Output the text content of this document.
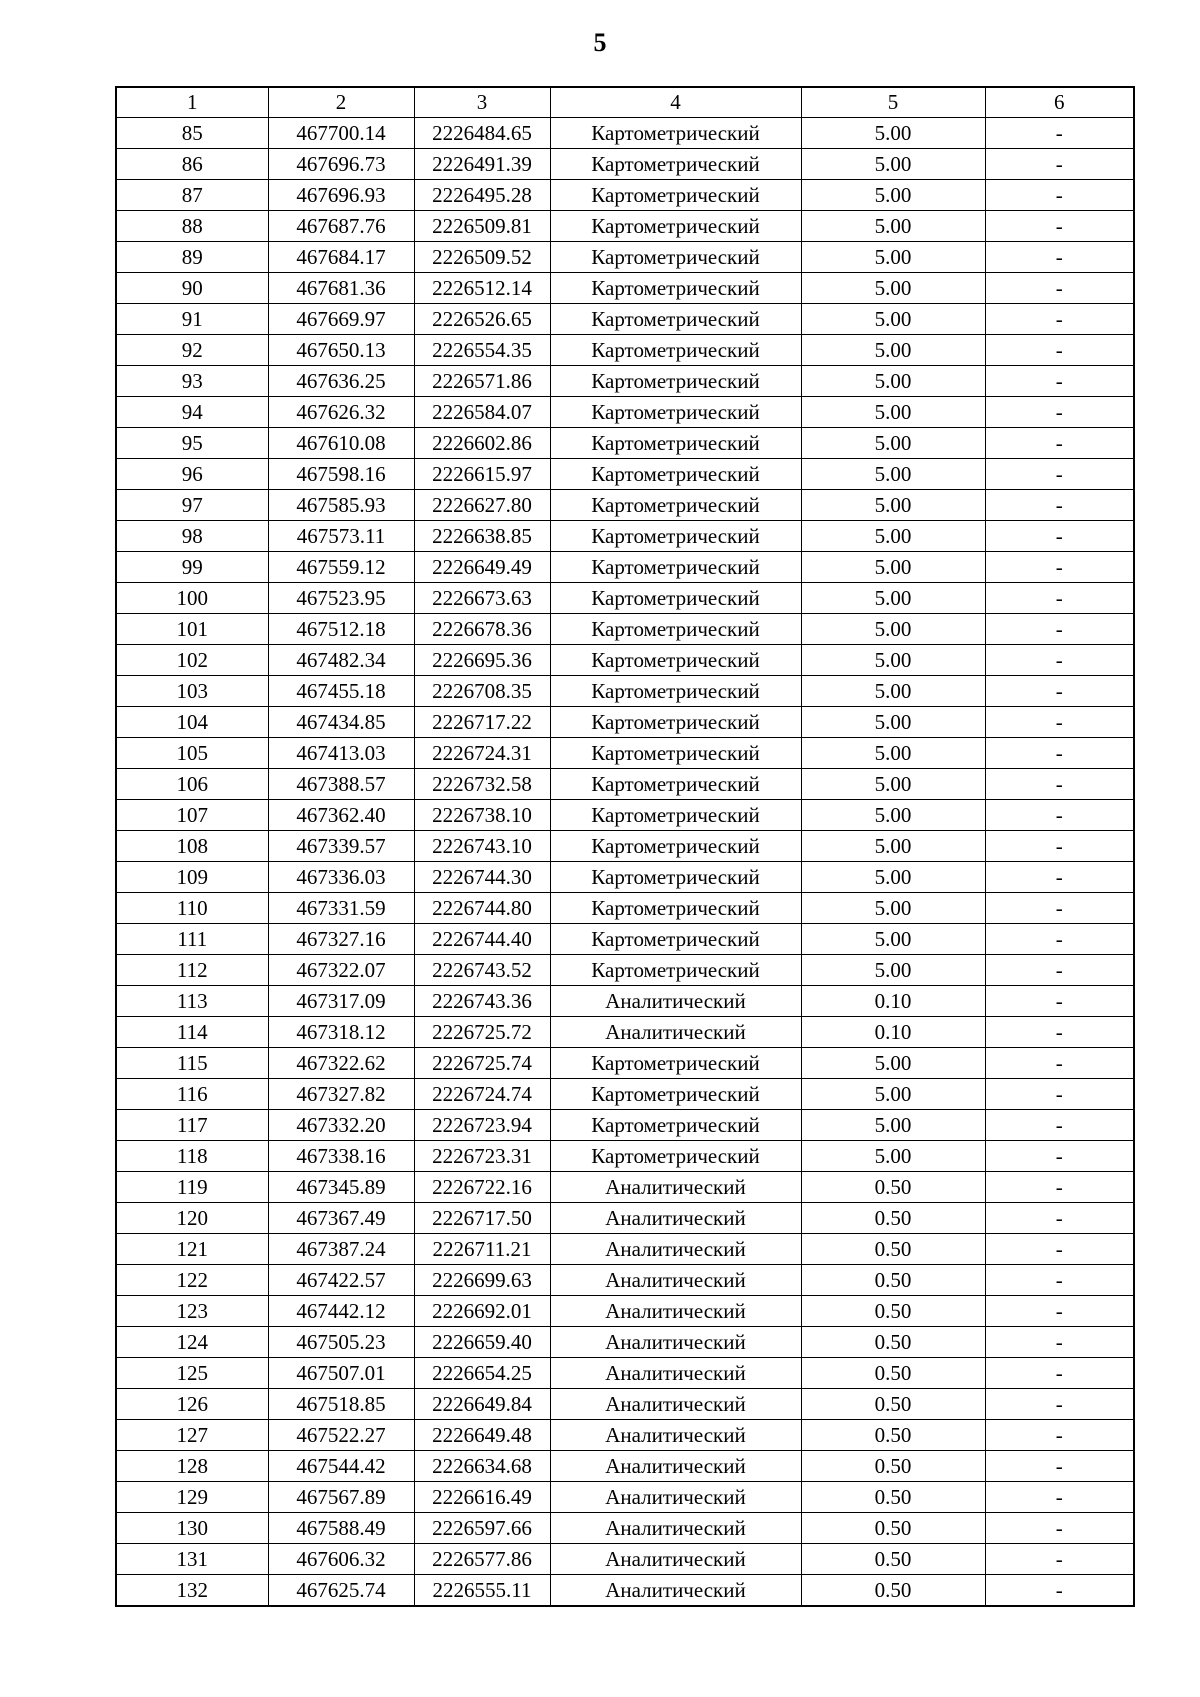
5
1	2	3	4	5	6
85	467700.14	2226484.65	Картометрический	5.00	-
86	467696.73	2226491.39	Картометрический	5.00	-
87	467696.93	2226495.28	Картометрический	5.00	-
88	467687.76	2226509.81	Картометрический	5.00	-
89	467684.17	2226509.52	Картометрический	5.00	-
90	467681.36	2226512.14	Картометрический	5.00	-
91	467669.97	2226526.65	Картометрический	5.00	-
92	467650.13	2226554.35	Картометрический	5.00	-
93	467636.25	2226571.86	Картометрический	5.00	-
94	467626.32	2226584.07	Картометрический	5.00	-
95	467610.08	2226602.86	Картометрический	5.00	-
96	467598.16	2226615.97	Картометрический	5.00	-
97	467585.93	2226627.80	Картометрический	5.00	-
98	467573.11	2226638.85	Картометрический	5.00	-
99	467559.12	2226649.49	Картометрический	5.00	-
100	467523.95	2226673.63	Картометрический	5.00	-
101	467512.18	2226678.36	Картометрический	5.00	-
102	467482.34	2226695.36	Картометрический	5.00	-
103	467455.18	2226708.35	Картометрический	5.00	-
104	467434.85	2226717.22	Картометрический	5.00	-
105	467413.03	2226724.31	Картометрический	5.00	-
106	467388.57	2226732.58	Картометрический	5.00	-
107	467362.40	2226738.10	Картометрический	5.00	-
108	467339.57	2226743.10	Картометрический	5.00	-
109	467336.03	2226744.30	Картометрический	5.00	-
110	467331.59	2226744.80	Картометрический	5.00	-
111	467327.16	2226744.40	Картометрический	5.00	-
112	467322.07	2226743.52	Картометрический	5.00	-
113	467317.09	2226743.36	Аналитический	0.10	-
114	467318.12	2226725.72	Аналитический	0.10	-
115	467322.62	2226725.74	Картометрический	5.00	-
116	467327.82	2226724.74	Картометрический	5.00	-
117	467332.20	2226723.94	Картометрический	5.00	-
118	467338.16	2226723.31	Картометрический	5.00	-
119	467345.89	2226722.16	Аналитический	0.50	-
120	467367.49	2226717.50	Аналитический	0.50	-
121	467387.24	2226711.21	Аналитический	0.50	-
122	467422.57	2226699.63	Аналитический	0.50	-
123	467442.12	2226692.01	Аналитический	0.50	-
124	467505.23	2226659.40	Аналитический	0.50	-
125	467507.01	2226654.25	Аналитический	0.50	-
126	467518.85	2226649.84	Аналитический	0.50	-
127	467522.27	2226649.48	Аналитический	0.50	-
128	467544.42	2226634.68	Аналитический	0.50	-
129	467567.89	2226616.49	Аналитический	0.50	-
130	467588.49	2226597.66	Аналитический	0.50	-
131	467606.32	2226577.86	Аналитический	0.50	-
132	467625.74	2226555.11	Аналитический	0.50	-
